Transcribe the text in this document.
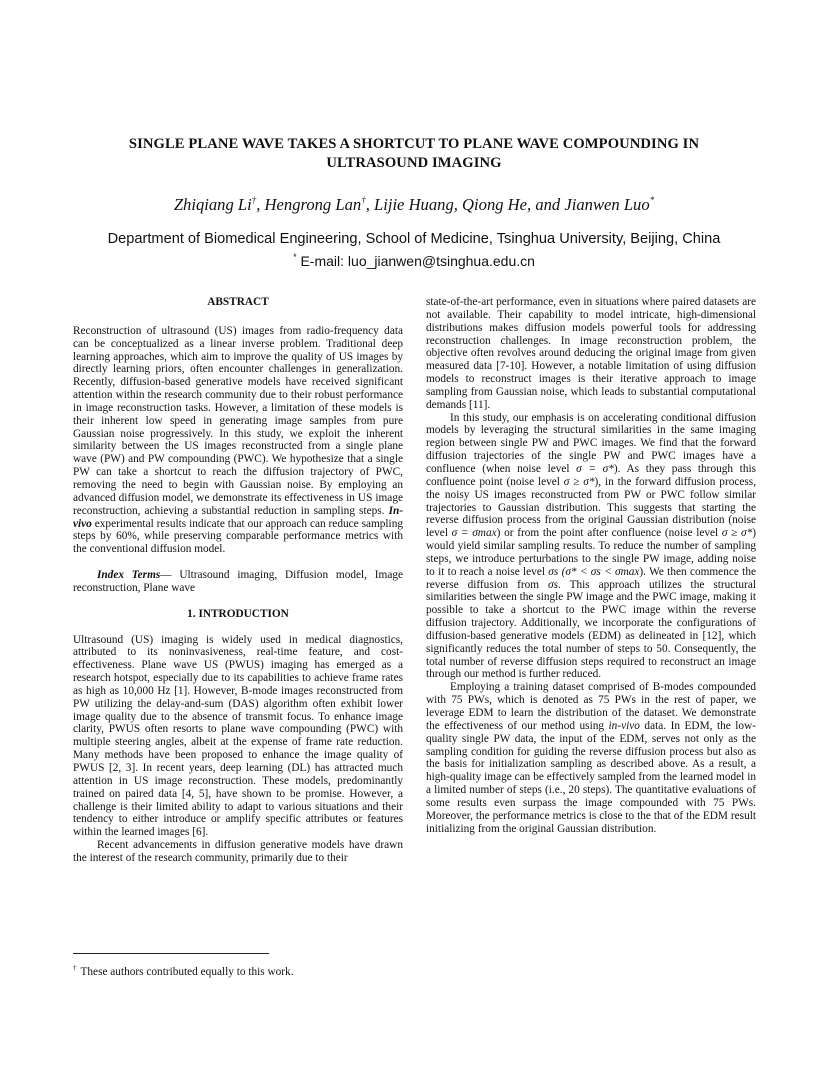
SINGLE PLANE WAVE TAKES A SHORTCUT TO PLANE WAVE COMPOUNDING IN
ULTRASOUND IMAGING
Zhiqiang Li†, Hengrong Lan†, Lijie Huang, Qiong He, and Jianwen Luo*
Department of Biomedical Engineering, School of Medicine, Tsinghua University, Beijing, China
* E-mail: luo_jianwen@tsinghua.edu.cn

ABSTRACT

Reconstruction of ultrasound (US) images from radio-frequency data can be conceptualized as a linear inverse problem. Traditional deep learning approaches, which aim to improve the quality of US images by directly learning priors, often encounter challenges in generalization. Recently, diffusion-based generative models have received significant attention within the research community due to their robust performance in image reconstruction tasks. However, a limitation of these models is their inherent low speed in generating image samples from pure Gaussian noise progressively. In this study, we exploit the inherent similarity between the US images reconstructed from a single plane wave (PW) and PW compounding (PWC). We hypothesize that a single PW can take a shortcut to reach the diffusion trajectory of PWC, removing the need to begin with Gaussian noise. By employing an advanced diffusion model, we demonstrate its effectiveness in US image reconstruction, achieving a substantial reduction in sampling steps. In-vivo experimental results indicate that our approach can reduce sampling steps by 60%, while preserving comparable performance metrics with the conventional diffusion model.

Index Terms— Ultrasound imaging, Diffusion model, Image reconstruction, Plane wave

1. INTRODUCTION

Ultrasound (US) imaging is widely used in medical diagnostics, attributed to its noninvasiveness, real-time feature, and cost-effectiveness. Plane wave US (PWUS) imaging has emerged as a research hotspot, especially due to its capabilities to achieve frame rates as high as 10,000 Hz [1]. However, B-mode images reconstructed from PW utilizing the delay-and-sum (DAS) algorithm often exhibit lower image quality due to the absence of transmit focus. To enhance image clarity, PWUS often resorts to plane wave compounding (PWC) with multiple steering angles, albeit at the expense of frame rate reduction. Many methods have been proposed to enhance the image quality of PWUS [2, 3]. In recent years, deep learning (DL) has attracted much attention in US image reconstruction. These models, predominantly trained on paired data [4, 5], have shown to be promise. However, a challenge is their limited ability to adapt to various situations and their tendency to either introduce or amplify specific attributes or features within the learned images [6].

Recent advancements in diffusion generative models have drawn the interest of the research community, primarily due to their

state-of-the-art performance, even in situations where paired datasets are not available. Their capability to model intricate, high-dimensional distributions makes diffusion models powerful tools for addressing reconstruction challenges. In image reconstruction problem, the objective often revolves around deducing the original image from given measured data [7-10]. However, a notable limitation of using diffusion models to reconstruct images is their iterative approach to image sampling from Gaussian noise, which leads to substantial computational demands [11].

In this study, our emphasis is on accelerating conditional diffusion models by leveraging the structural similarities in the same imaging region between single PW and PWC images. We find that the forward diffusion trajectories of the single PW and PWC images have a confluence (when noise level σ = σ*). As they pass through this confluence point (noise level σ ≥ σ*), in the forward diffusion process, the noisy US images reconstructed from PW or PWC follow similar trajectories to Gaussian distribution. This suggests that starting the reverse diffusion process from the original Gaussian distribution (noise level σ = σmax) or from the point after confluence (noise level σ ≥ σ*) would yield similar sampling results. To reduce the number of sampling steps, we introduce perturbations to the single PW image, adding noise to it to reach a noise level σs (σ* < σs < σmax). We then commence the reverse diffusion from σs. This approach utilizes the structural similarities between the single PW image and the PWC image, making it possible to take a shortcut to the PWC image within the reverse diffusion trajectory. Additionally, we incorporate the configurations of diffusion-based generative models (EDM) as delineated in [12], which significantly reduces the total number of steps to 50. Consequently, the total number of reverse diffusion steps required to reconstruct an image through our method is further reduced.

Employing a training dataset comprised of B-modes compounded with 75 PWs, which is denoted as 75 PWs in the rest of paper, we leverage EDM to learn the distribution of the dataset. We demonstrate the effectiveness of our method using in-vivo data. In EDM, the low-quality single PW data, the input of the EDM, serves not only as the sampling condition for guiding the reverse diffusion process but also as the basis for initialization sampling as described above. As a result, a high-quality image can be effectively sampled from the learned model in a limited number of steps (i.e., 20 steps). The quantitative evaluations of some results even surpass the image compounded with 75 PWs. Moreover, the performance metrics is close to the that of the EDM result initializing from the original Gaussian distribution.

† These authors contributed equally to this work.
